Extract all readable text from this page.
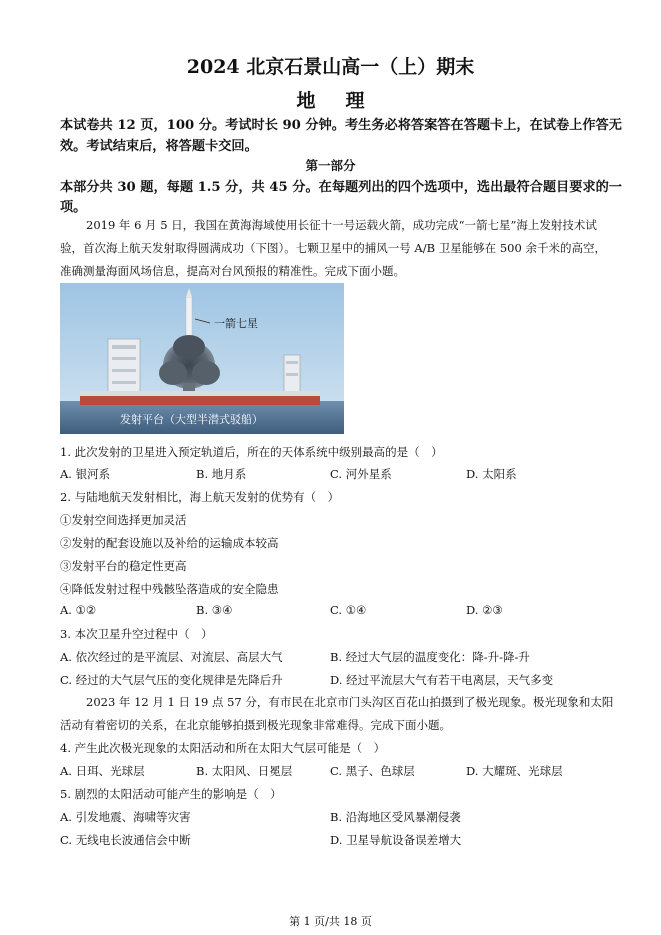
2024 北京石景山高一（上）期末
地理
本试卷共 12 页，100 分。考试时长 90 分钟。考生务必将答案答在答题卡上，在试卷上作答无
效。考试结束后，将答题卡交回。
第一部分
本部分共 30 题，每题 1.5 分，共 45 分。在每题列出的四个选项中，选出最符合题目要求的一
项。
2019 年 6 月 5 日，我国在黄海海域使用长征十一号运载火箭，成功完成“一箭七星”海上发射技术试
验，首次海上航天发射取得圆满成功（下图）。七颗卫星中的捕风一号 A/B 卫星能够在 500 余千米的高空，
准确测量海面风场信息，提高对台风预报的精准性。完成下面小题。
一箭七星
发射平台（大型半潜式驳船）
1. 此次发射的卫星进入预定轨道后，所在的天体系统中级别最高的是（　）
A. 银河系	B. 地月系	C. 河外星系	D. 太阳系
2. 与陆地航天发射相比，海上航天发射的优势有（　）
①发射空间选择更加灵活
②发射的配套设施以及补给的运输成本较高
③发射平台的稳定性更高
④降低发射过程中残骸坠落造成的安全隐患
A. ①②	B. ③④	C. ①④	D. ②③
3. 本次卫星升空过程中（　）
A. 依次经过的是平流层、对流层、高层大气	B. 经过大气层的温度变化：降-升-降-升
C. 经过的大气层气压的变化规律是先降后升	D. 经过平流层大气有若干电离层，天气多变
2023 年 12 月 1 日 19 点 57 分，有市民在北京市门头沟区百花山拍摄到了极光现象。极光现象和太阳
活动有着密切的关系，在北京能够拍摄到极光现象非常难得。完成下面小题。
4. 产生此次极光现象的太阳活动和所在太阳大气层可能是（　）
A. 日珥、光球层	B. 太阳风、日冕层	C. 黑子、色球层	D. 大耀斑、光球层
5. 剧烈的太阳活动可能产生的影响是（　）
A. 引发地震、海啸等灾害	B. 沿海地区受风暴潮侵袭
C. 无线电长波通信会中断	D. 卫星导航设备误差增大
第 1 页/共 18 页
